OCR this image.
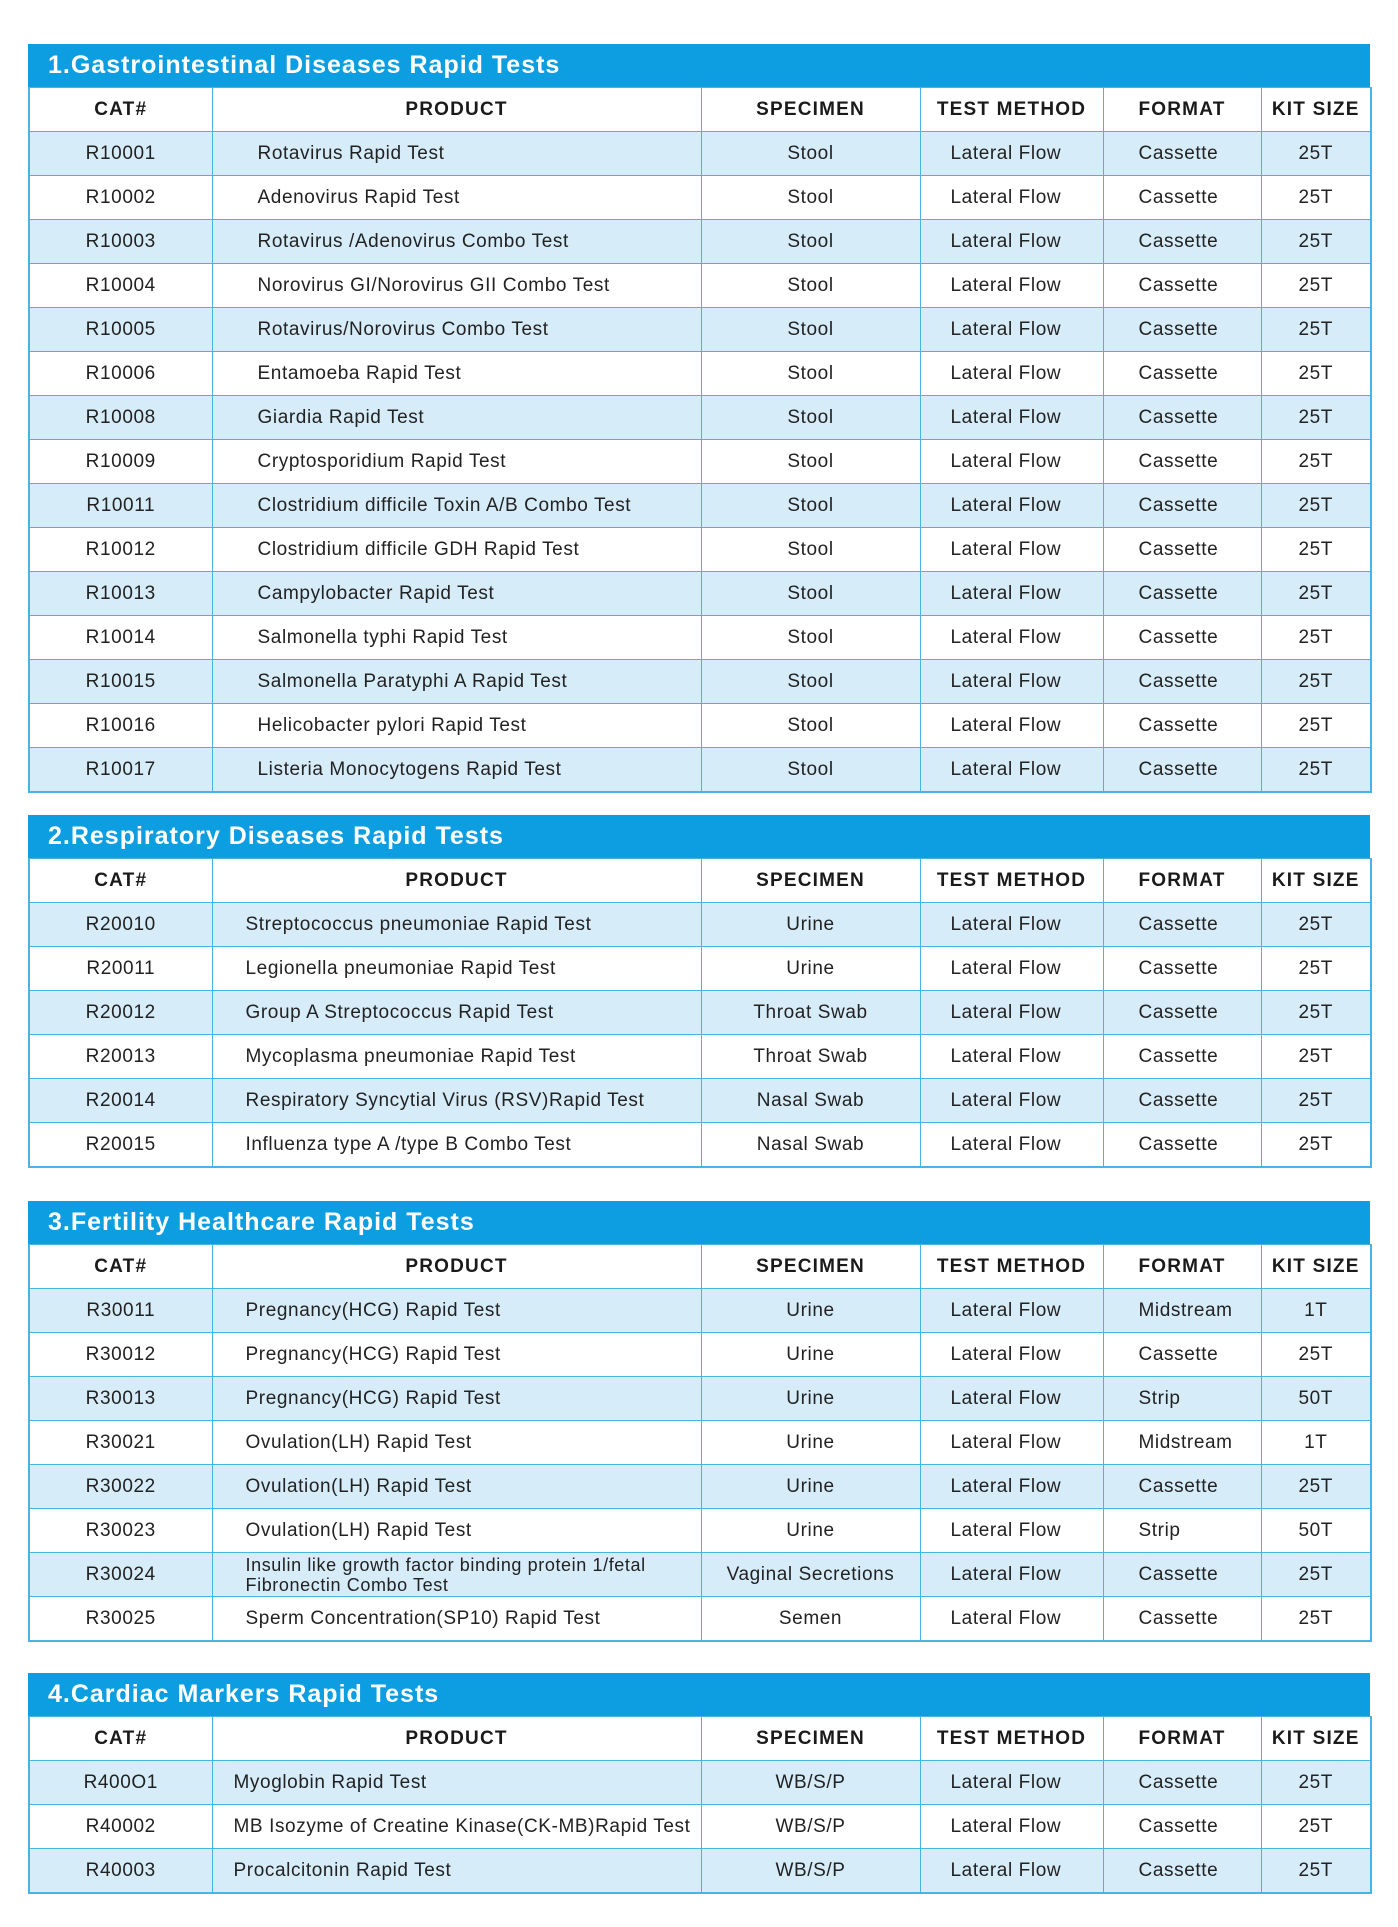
1.Gastrointestinal Diseases Rapid Tests
CAT#	PRODUCT	SPECIMEN	TEST METHOD	FORMAT	KIT SIZE
R10001	Rotavirus Rapid Test	Stool	Lateral Flow	Cassette	25T
R10002	Adenovirus Rapid Test	Stool	Lateral Flow	Cassette	25T
R10003	Rotavirus /Adenovirus Combo Test	Stool	Lateral Flow	Cassette	25T
R10004	Norovirus GI/Norovirus GII Combo Test	Stool	Lateral Flow	Cassette	25T
R10005	Rotavirus/Norovirus Combo Test	Stool	Lateral Flow	Cassette	25T
R10006	Entamoeba Rapid Test	Stool	Lateral Flow	Cassette	25T
R10008	Giardia Rapid Test	Stool	Lateral Flow	Cassette	25T
R10009	Cryptosporidium Rapid Test	Stool	Lateral Flow	Cassette	25T
R10011	Clostridium difficile Toxin A/B Combo Test	Stool	Lateral Flow	Cassette	25T
R10012	Clostridium difficile GDH Rapid Test	Stool	Lateral Flow	Cassette	25T
R10013	Campylobacter Rapid Test	Stool	Lateral Flow	Cassette	25T
R10014	Salmonella typhi Rapid Test	Stool	Lateral Flow	Cassette	25T
R10015	Salmonella Paratyphi A Rapid Test	Stool	Lateral Flow	Cassette	25T
R10016	Helicobacter pylori Rapid Test	Stool	Lateral Flow	Cassette	25T
R10017	Listeria Monocytogens Rapid Test	Stool	Lateral Flow	Cassette	25T
2.Respiratory Diseases Rapid Tests
CAT#	PRODUCT	SPECIMEN	TEST METHOD	FORMAT	KIT SIZE
R20010	Streptococcus pneumoniae Rapid Test	Urine	Lateral Flow	Cassette	25T
R20011	Legionella pneumoniae Rapid Test	Urine	Lateral Flow	Cassette	25T
R20012	Group A Streptococcus Rapid Test	Throat Swab	Lateral Flow	Cassette	25T
R20013	Mycoplasma pneumoniae Rapid Test	Throat Swab	Lateral Flow	Cassette	25T
R20014	Respiratory Syncytial Virus (RSV)Rapid Test	Nasal Swab	Lateral Flow	Cassette	25T
R20015	Influenza type A /type B Combo Test	Nasal Swab	Lateral Flow	Cassette	25T
3.Fertility Healthcare Rapid Tests
CAT#	PRODUCT	SPECIMEN	TEST METHOD	FORMAT	KIT SIZE
R30011	Pregnancy(HCG) Rapid Test	Urine	Lateral Flow	Midstream	1T
R30012	Pregnancy(HCG) Rapid Test	Urine	Lateral Flow	Cassette	25T
R30013	Pregnancy(HCG) Rapid Test	Urine	Lateral Flow	Strip	50T
R30021	Ovulation(LH) Rapid Test	Urine	Lateral Flow	Midstream	1T
R30022	Ovulation(LH) Rapid Test	Urine	Lateral Flow	Cassette	25T
R30023	Ovulation(LH) Rapid Test	Urine	Lateral Flow	Strip	50T
R30024	Insulin like growth factor binding protein 1/fetal Fibronectin Combo Test	Vaginal Secretions	Lateral Flow	Cassette	25T
R30025	Sperm Concentration(SP10) Rapid Test	Semen	Lateral Flow	Cassette	25T
4.Cardiac Markers Rapid Tests
CAT#	PRODUCT	SPECIMEN	TEST METHOD	FORMAT	KIT SIZE
R400O1	Myoglobin Rapid Test	WB/S/P	Lateral Flow	Cassette	25T
R40002	MB Isozyme of Creatine Kinase(CK-MB)Rapid Test	WB/S/P	Lateral Flow	Cassette	25T
R40003	Procalcitonin Rapid Test	WB/S/P	Lateral Flow	Cassette	25T
